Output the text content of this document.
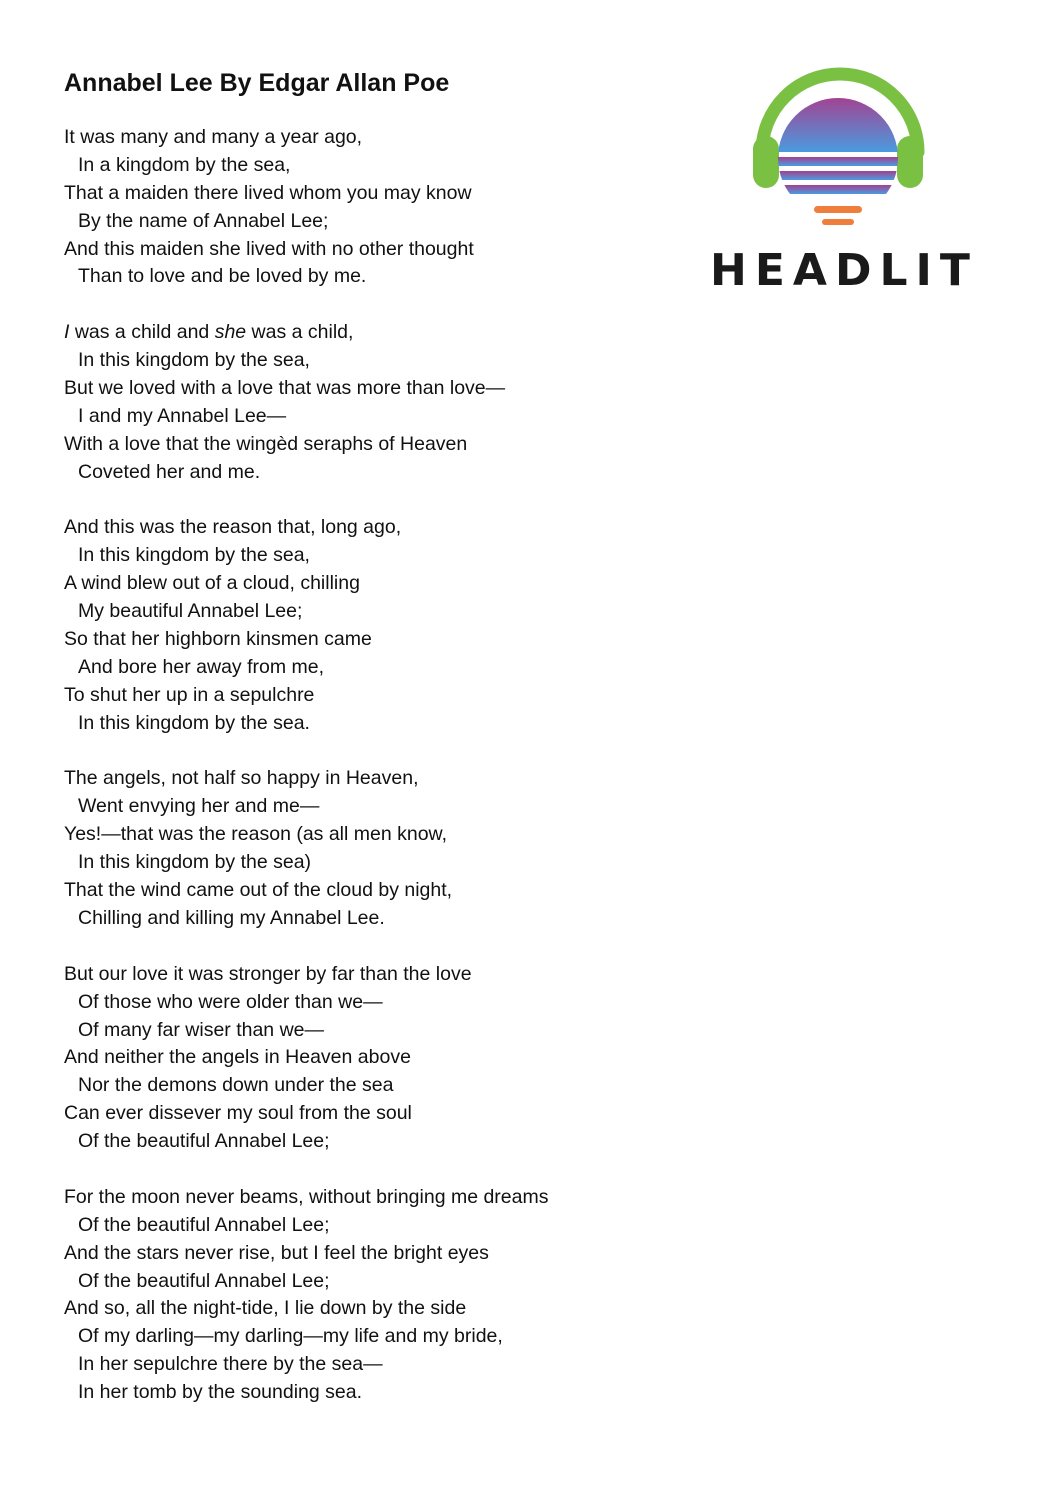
Annabel Lee By Edgar Allan Poe
It was many and many a year ago,
In a kingdom by the sea,
That a maiden there lived whom you may know
By the name of Annabel Lee;
And this maiden she lived with no other thought
Than to love and be loved by me.
I was a child and she was a child,
In this kingdom by the sea,
But we loved with a love that was more than love—
I and my Annabel Lee—
With a love that the wingèd seraphs of Heaven
Coveted her and me.
And this was the reason that, long ago,
In this kingdom by the sea,
A wind blew out of a cloud, chilling
My beautiful Annabel Lee;
So that her highborn kinsmen came
And bore her away from me,
To shut her up in a sepulchre
In this kingdom by the sea.
The angels, not half so happy in Heaven,
Went envying her and me—
Yes!—that was the reason (as all men know,
In this kingdom by the sea)
That the wind came out of the cloud by night,
Chilling and killing my Annabel Lee.
But our love it was stronger by far than the love
Of those who were older than we—
Of many far wiser than we—
And neither the angels in Heaven above
Nor the demons down under the sea
Can ever dissever my soul from the soul
Of the beautiful Annabel Lee;
For the moon never beams, without bringing me dreams
Of the beautiful Annabel Lee;
And the stars never rise, but I feel the bright eyes
Of the beautiful Annabel Lee;
And so, all the night-tide, I lie down by the side
Of my darling—my darling—my life and my bride,
In her sepulchre there by the sea—
In her tomb by the sounding sea.
HEADLIT
